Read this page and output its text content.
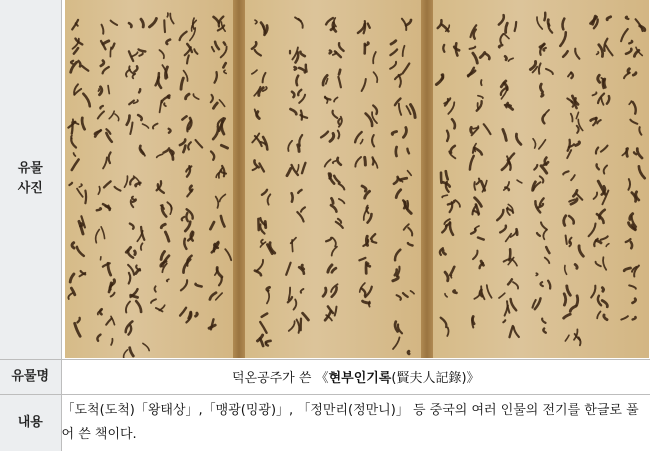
유물
사진

유물명	덕온공주가 쓴 《현부인기록(賢夫人記錄)》
내용	「도척(도척)「왕태상」,「맹광(밍광)」, 「정만리(정만니)」 등 중국의 여러 인물의 전기를 한글로 풀어 쓴 책이다.
